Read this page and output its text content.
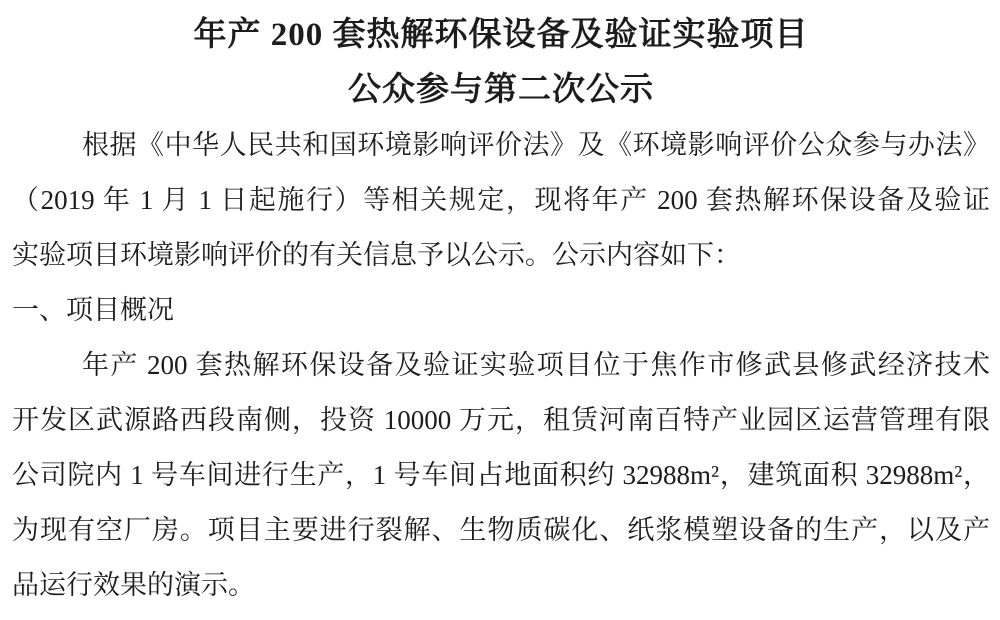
年产 200 套热解环保设备及验证实验项目
公众参与第二次公示
根据《中华人民共和国环境影响评价法》及《环境影响评价公众参与办法》
（2019 年 1 月 1 日起施行）等相关规定，现将年产 200 套热解环保设备及验证
实验项目环境影响评价的有关信息予以公示。公示内容如下：
一、项目概况
年产 200 套热解环保设备及验证实验项目位于焦作市修武县修武经济技术
开发区武源路西段南侧，投资 10000 万元，租赁河南百特产业园区运营管理有限
公司院内 1 号车间进行生产，1 号车间占地面积约 32988m²，建筑面积 32988m²，
为现有空厂房。项目主要进行裂解、生物质碳化、纸浆模塑设备的生产，以及产
品运行效果的演示。
